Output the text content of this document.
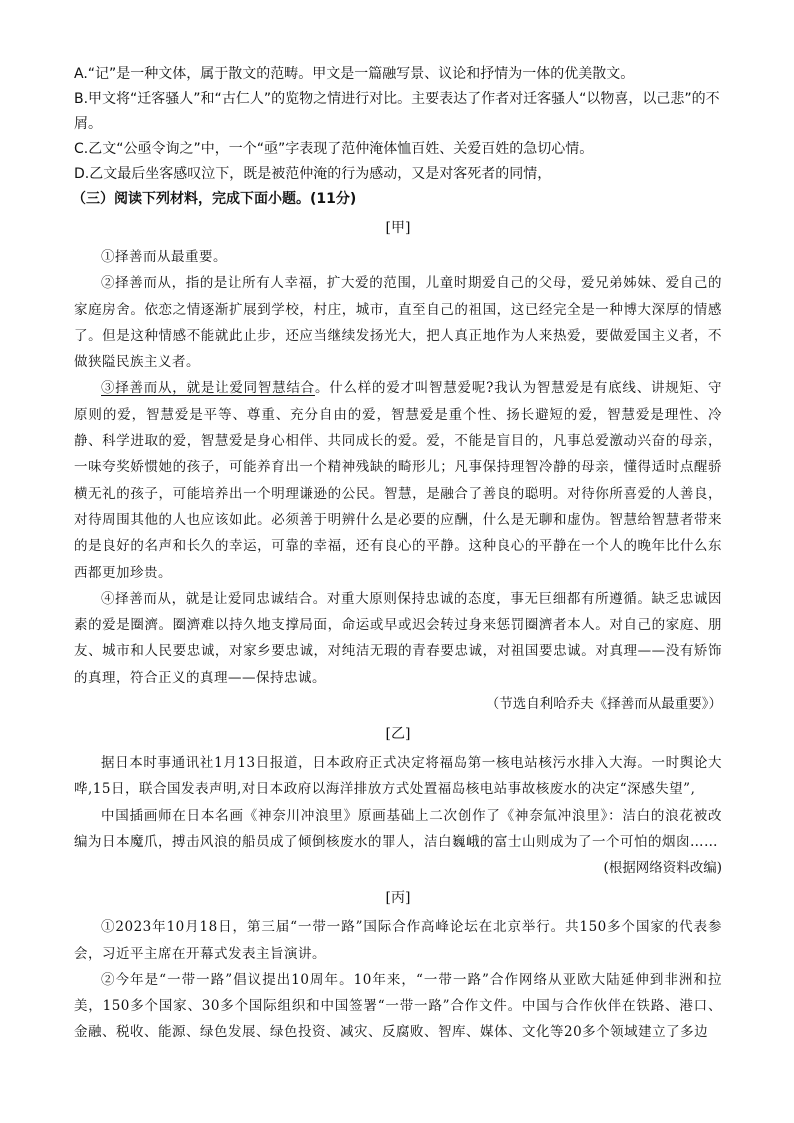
A.“记”是一种文体，属于散文的范畴。甲文是一篇融写景、议论和抒情为一体的优美散文。

B.甲文将“迁客骚人”和“古仁人”的览物之情进行对比。主要表达了作者对迁客骚人“以物喜，以己悲”的不屑。

C.乙文“公亟令询之”中，一个“亟”字表现了范仲淹体恤百姓、关爱百姓的急切心情。

D.乙文最后坐客感叹泣下，既是被范仲淹的行为感动，又是对客死者的同情，

（三）阅读下列材料，完成下面小题。(11分)

[甲]

①择善而从最重要。

②择善而从，指的是让所有人幸福，扩大爱的范围，儿童时期爱自己的父母，爱兄弟姊妹、爱自己的家庭房舍。依恋之情逐渐扩展到学校，村庄，城市，直至自己的祖国，这已经完全是一种博大深厚的情感了。但是这种情感不能就此止步，还应当继续发扬光大，把人真正地作为人来热爱，要做爱国主义者，不做狭隘民族主义者。

③择善而从，就是让爱同智慧结合。什么样的爱才叫智慧爱呢?我认为智慧爱是有底线、讲规矩、守原则的爱，智慧爱是平等、尊重、充分自由的爱，智慧爱是重个性、扬长避短的爱，智慧爱是理性、冷静、科学进取的爱，智慧爱是身心相伴、共同成长的爱。爱，不能是盲目的，凡事总爱激动兴奋的母亲，一味夸奖娇惯她的孩子，可能养育出一个精神残缺的畸形儿；凡事保持理智冷静的母亲，懂得适时点醒骄横无礼的孩子，可能培养出一个明理谦逊的公民。智慧，是融合了善良的聪明。对待你所喜爱的人善良，对待周围其他的人也应该如此。必须善于明辨什么是必要的应酬，什么是无聊和虚伪。智慧给智慧者带来的是良好的名声和长久的幸运，可靠的幸福，还有良心的平静。这种良心的平静在一个人的晚年比什么东西都更加珍贵。

④择善而从，就是让爱同忠诚结合。对重大原则保持忠诚的态度，事无巨细都有所遵循。缺乏忠诚因素的爱是圈濟。圈濟难以持久地支撑局面，命运或早或迟会转过身来惩罚圈濟者本人。对自己的家庭、朋友、城市和人民要忠诚，对家乡要忠诚，对纯洁无瑕的青春要忠诚，对祖国要忠诚。对真理——没有矫饰的真理，符合正义的真理——保持忠诚。

（节选自利哈乔夫《择善而从最重要》）

[乙]

据日本时事通讯社1月13日报道，日本政府正式决定将福岛第一核电站核污水排入大海。一时舆论大哗,15日，联合国发表声明,对日本政府以海洋排放方式处置福岛核电站事故核废水的决定“深感失望”,

中国插画师在日本名画《神奈川冲浪里》原画基础上二次创作了《神奈氚冲浪里》：洁白的浪花被改编为日本魔爪，搏击风浪的船员成了倾倒核废水的罪人，洁白巍峨的富士山则成为了一个可怕的烟囱……

(根据网络资料改编)

[丙]

①2023年10月18日，第三届“一带一路”国际合作高峰论坛在北京举行。共150多个国家的代表参会，习近平主席在开幕式发表主旨演讲。

②今年是“一带一路”倡议提出10周年。10年来，“一带一路”合作网络从亚欧大陆延伸到非洲和拉美，150多个国家、30多个国际组织和中国签署“一带一路”合作文件。中国与合作伙伴在铁路、港口、金融、税收、能源、绿色发展、绿色投资、减灾、反腐败、智库、媒体、文化等20多个领域建立了多边
